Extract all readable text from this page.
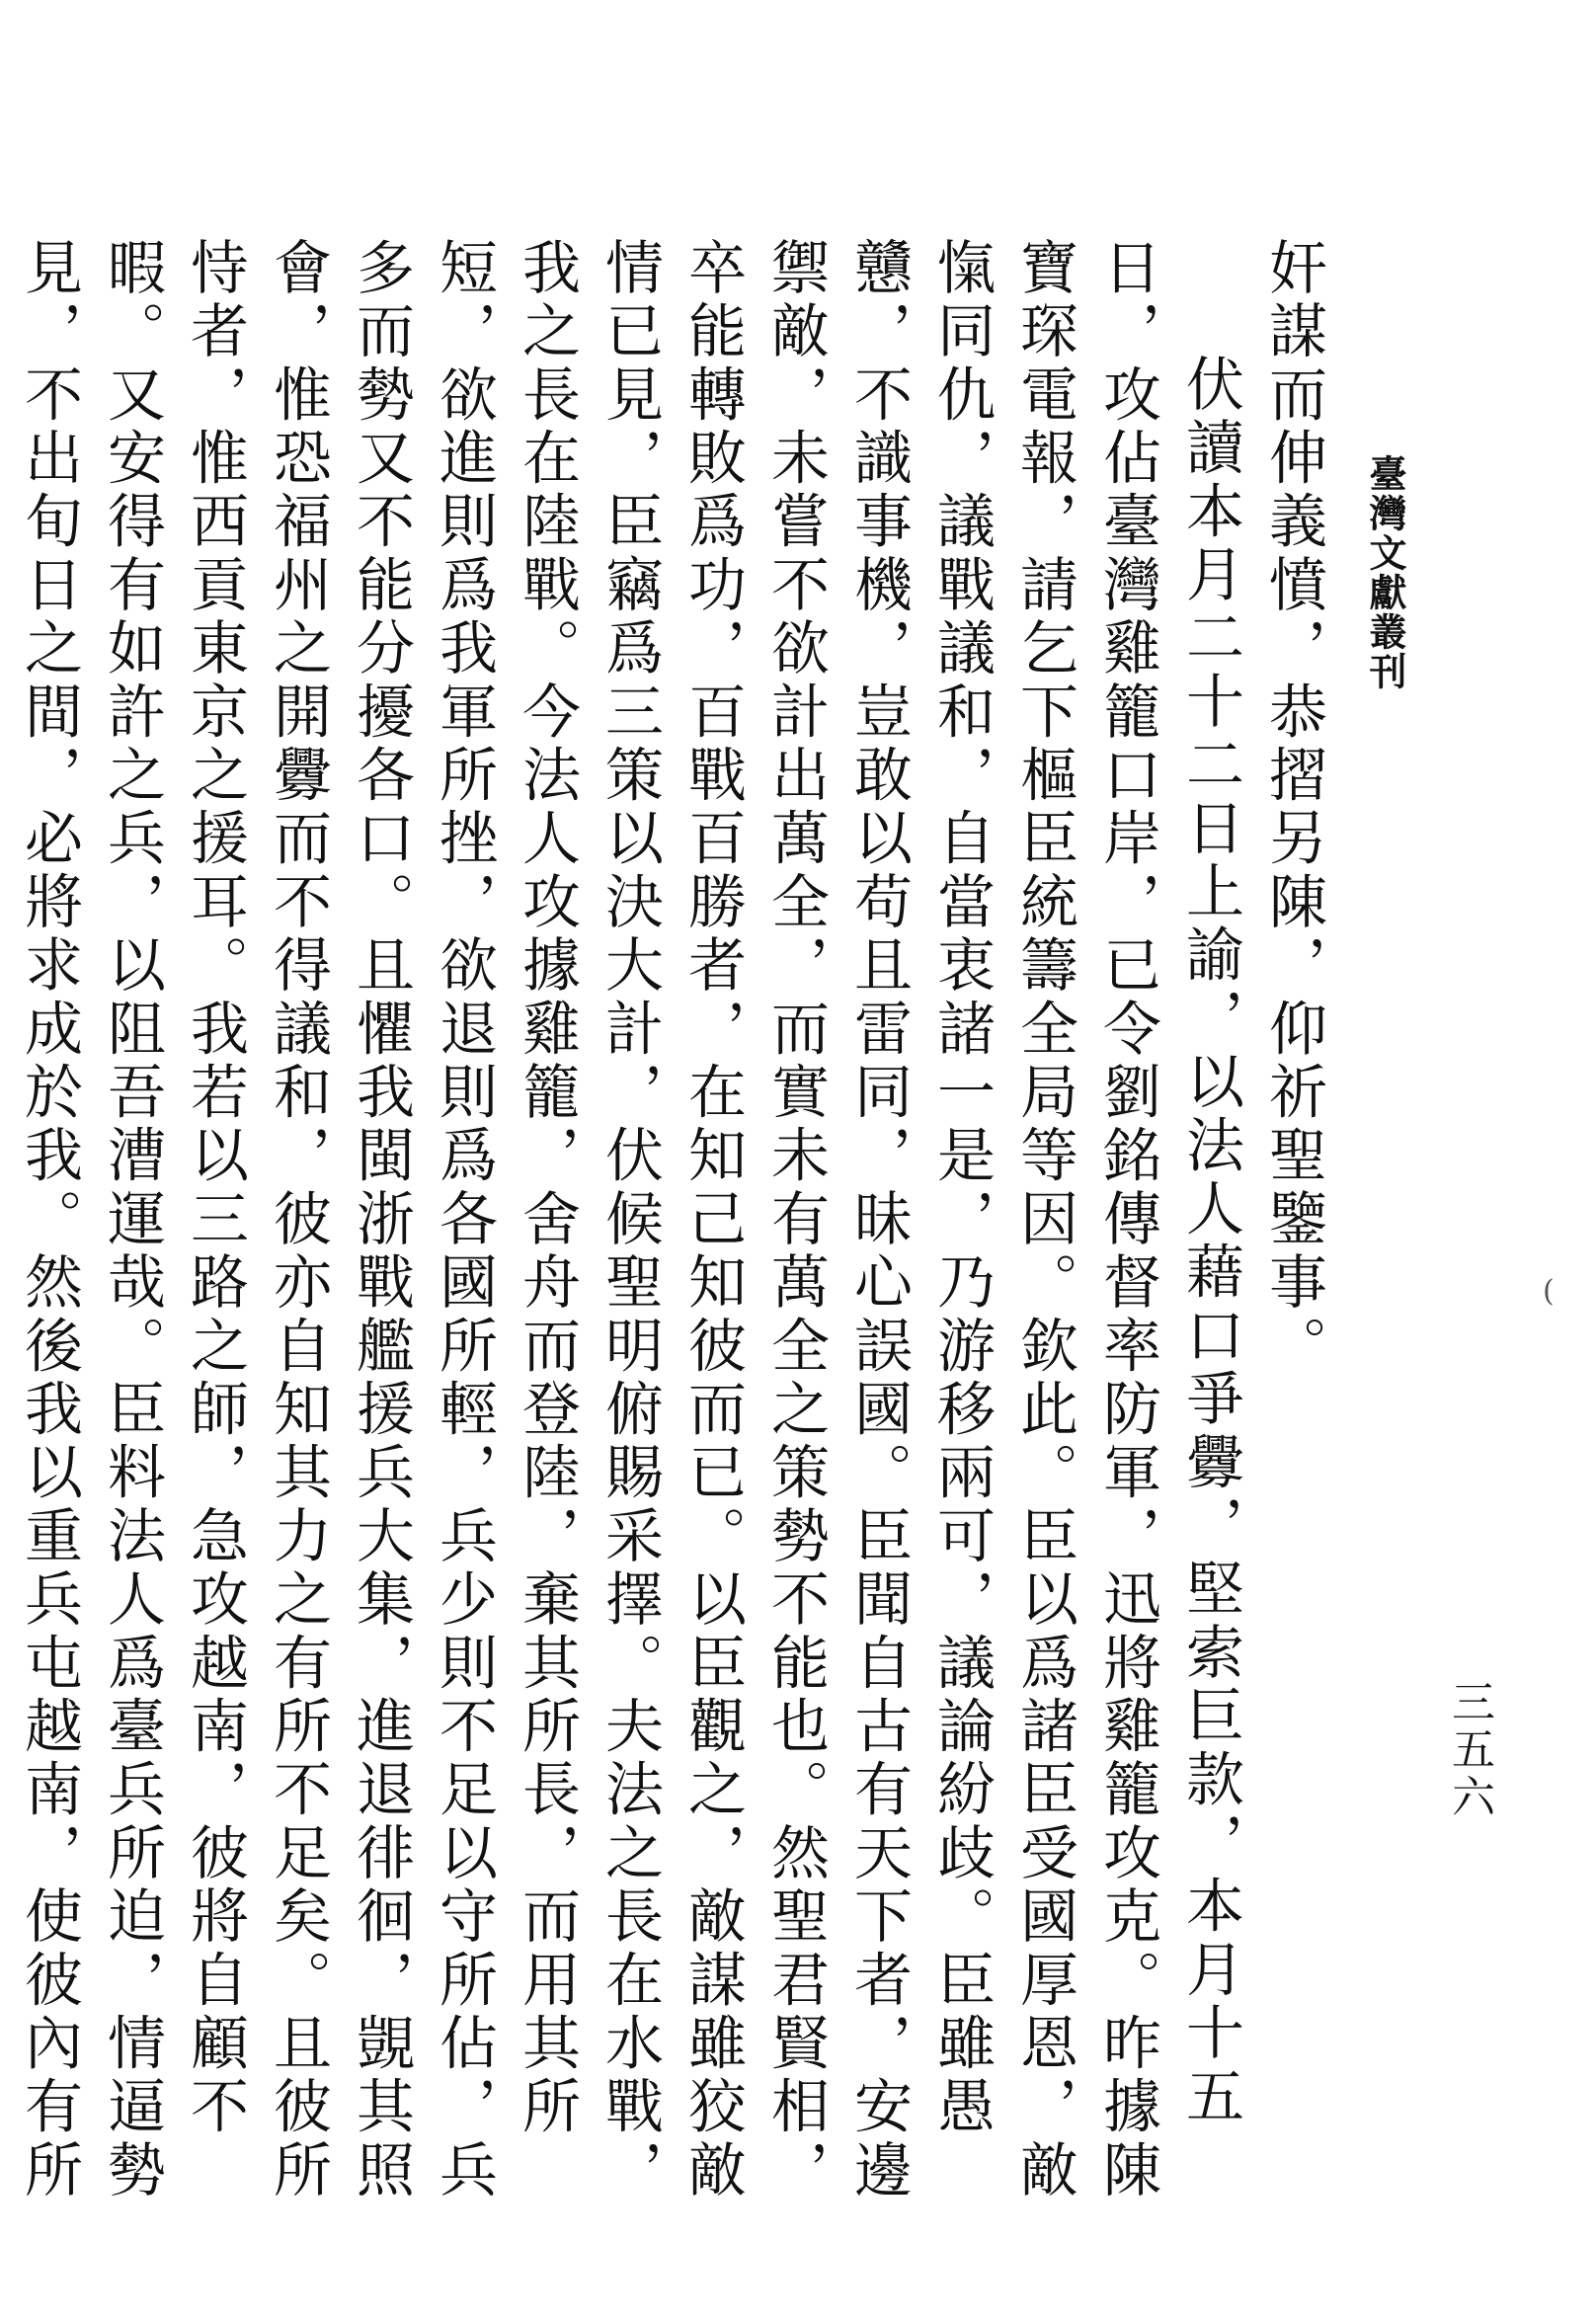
臺灣文獻叢刊
三五六

奸謀而伸義憤，恭摺另陳，仰祈聖鑒事。

伏讀本月二十二日上諭，以法人藉口爭釁，堅索巨款，本月十五日，攻佔臺灣雞籠口岸，已令劉銘傳督率防軍，迅將雞籠攻克。昨據陳寶琛電報，請乞下樞臣統籌全局等因。欽此。臣以爲諸臣受國厚恩，敵愾同仇，議戰議和，自當衷諸一是，乃游移兩可，議論紛歧。臣雖愚戇，不識事機，豈敢以苟且雷同，昧心誤國。臣聞自古有天下者，安邊禦敵，未嘗不欲計出萬全，而實未有萬全之策勢不能也。然聖君賢相，卒能轉敗爲功，百戰百勝者，在知己知彼而已。以臣觀之，敵謀雖狡敵情已見，臣竊爲三策以決大計，伏候聖明俯賜采擇。夫法之長在水戰，我之長在陸戰。今法人攻據雞籠，舍舟而登陸，棄其所長，而用其所短，欲進則爲我軍所挫，欲退則爲各國所輕，兵少則不足以守所佔，兵多而勢又不能分擾各口。且懼我閩浙戰艦援兵大集，進退徘徊，覬其照會，惟恐福州之開釁而不得議和，彼亦自知其力之有所不足矣。且彼所恃者，惟西貢東京之援耳。我若以三路之師，急攻越南，彼將自顧不暇。又安得有如許之兵，以阻吾漕運哉。臣料法人爲臺兵所迫，情逼勢見，不出旬日之間，必將求成於我。然後我以重兵屯越南，使彼內有所

(
